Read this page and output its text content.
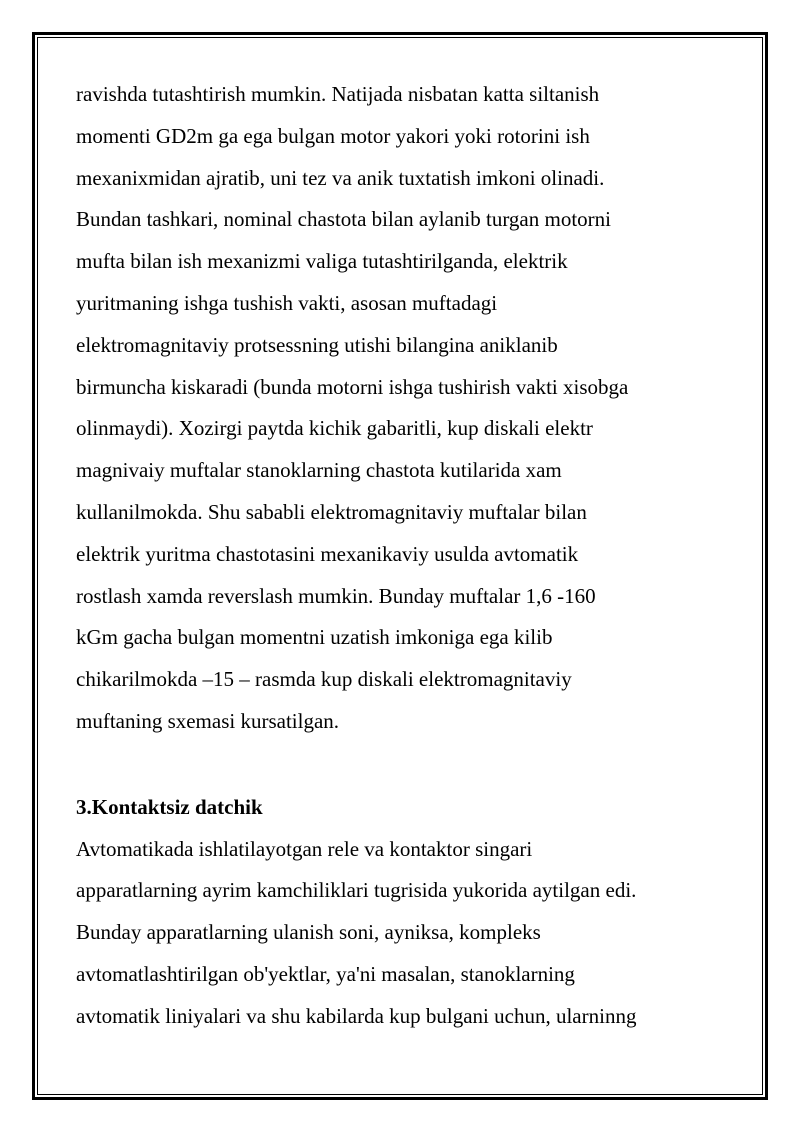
ravishda tutashtirish mumkin. Natijada nisbatan katta siltanish
momenti GD2m ga ega bulgan motor yakori yoki rotorini ish
mexanixmidan ajratib, uni tez va anik tuxtatish imkoni olinadi.
Bundan tashkari, nominal chastota bilan aylanib turgan motorni
mufta bilan ish mexanizmi valiga tutashtirilganda, elektrik
yuritmaning ishga tushish vakti, asosan muftadagi
elektromagnitaviy protsessning utishi bilangina aniklanib
birmuncha kiskaradi (bunda motorni ishga tushirish vakti xisobga
olinmaydi). Xozirgi paytda kichik gabaritli, kup diskali elektr
magnivaiy muftalar stanoklarning chastota kutilarida xam
kullanilmokda. Shu sababli elektromagnitaviy muftalar bilan
elektrik yuritma chastotasini mexanikaviy usulda avtomatik
rostlash xamda reverslash mumkin. Bunday muftalar 1,6 -160
kGm gacha bulgan momentni uzatish imkoniga ega kilib
chikarilmokda –15 – rasmda kup diskali elektromagnitaviy
muftaning sxemasi kursatilgan.
3.Kontaktsiz datchik
Avtomatikada ishlatilayotgan rele va kontaktor singari
apparatlarning ayrim kamchiliklari tugrisida yukorida aytilgan edi.
Bunday apparatlarning ulanish soni, ayniksa, kompleks
avtomatlashtirilgan ob'yektlar, ya'ni masalan, stanoklarning
avtomatik liniyalari va shu kabilarda kup bulgani uchun, ularninng
